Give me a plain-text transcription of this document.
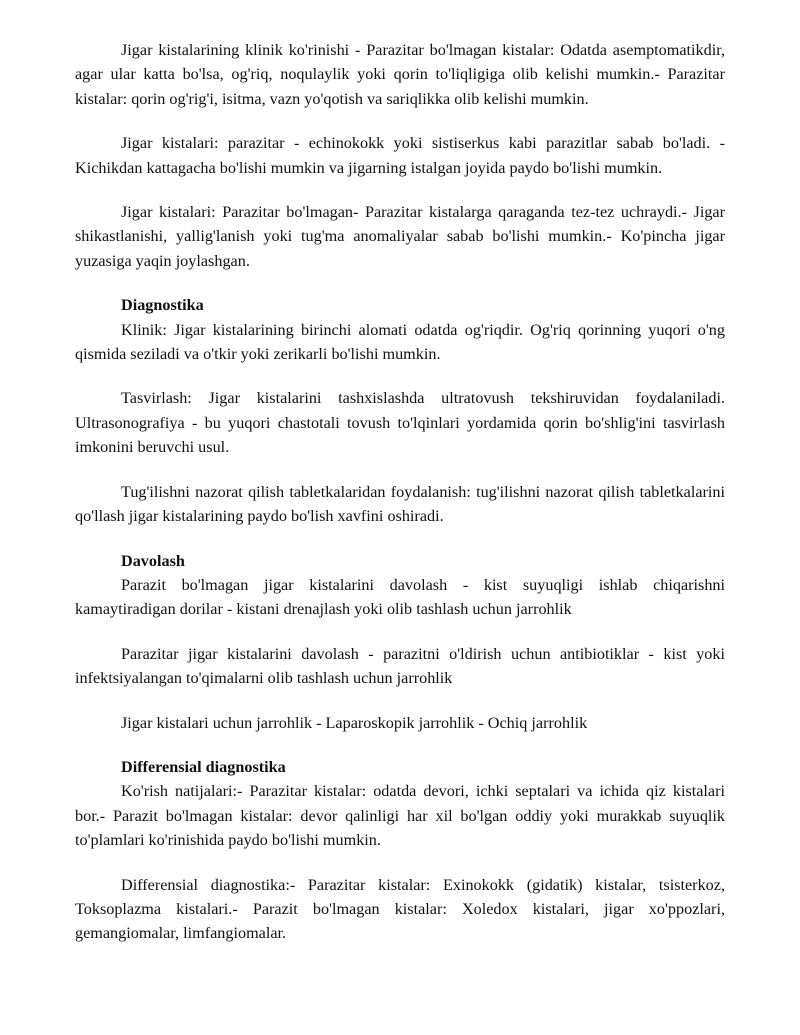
Jigar kistalarining klinik ko'rinishi - Parazitar bo'lmagan kistalar: Odatda asemptomatikdir, agar ular katta bo'lsa, og'riq, noqulaylik yoki qorin to'liqligiga olib kelishi mumkin.- Parazitar kistalar: qorin og'rig'i, isitma, vazn yo'qotish va sariqlikka olib kelishi mumkin.

Jigar kistalari: parazitar - echinokokk yoki sistiserkus kabi parazitlar sabab bo'ladi. - Kichikdan kattagacha bo'lishi mumkin va jigarning istalgan joyida paydo bo'lishi mumkin.

Jigar kistalari: Parazitar bo'lmagan- Parazitar kistalarga qaraganda tez-tez uchraydi.- Jigar shikastlanishi, yallig'lanish yoki tug'ma anomaliyalar sabab bo'lishi mumkin.- Ko'pincha jigar yuzasiga yaqin joylashgan.

Diagnostika

Klinik: Jigar kistalarining birinchi alomati odatda og'riqdir. Og'riq qorinning yuqori o'ng qismida seziladi va o'tkir yoki zerikarli bo'lishi mumkin.

Tasvirlash: Jigar kistalarini tashxislashda ultratovush tekshiruvidan foydalaniladi. Ultrasonografiya - bu yuqori chastotali tovush to'lqinlari yordamida qorin bo'shlig'ini tasvirlash imkonini beruvchi usul.

Tug'ilishni nazorat qilish tabletkalaridan foydalanish: tug'ilishni nazorat qilish tabletkalarini qo'llash jigar kistalarining paydo bo'lish xavfini oshiradi.

Davolash

Parazit bo'lmagan jigar kistalarini davolash - kist suyuqligi ishlab chiqarishni kamaytiradigan dorilar - kistani drenajlash yoki olib tashlash uchun jarrohlik

Parazitar jigar kistalarini davolash - parazitni o'ldirish uchun antibiotiklar - kist yoki infektsiyalangan to'qimalarni olib tashlash uchun jarrohlik

Jigar kistalari uchun jarrohlik - Laparoskopik jarrohlik - Ochiq jarrohlik

Differensial diagnostika

Ko'rish natijalari:- Parazitar kistalar: odatda devori, ichki septalari va ichida qiz kistalari bor.- Parazit bo'lmagan kistalar: devor qalinligi har xil bo'lgan oddiy yoki murakkab suyuqlik to'plamlari ko'rinishida paydo bo'lishi mumkin.

Differensial diagnostika:- Parazitar kistalar: Exinokokk (gidatik) kistalar, tsisterkoz, Toksoplazma kistalari.- Parazit bo'lmagan kistalar: Xoledox kistalari, jigar xo'ppozlari, gemangiomalar, limfangiomalar.
